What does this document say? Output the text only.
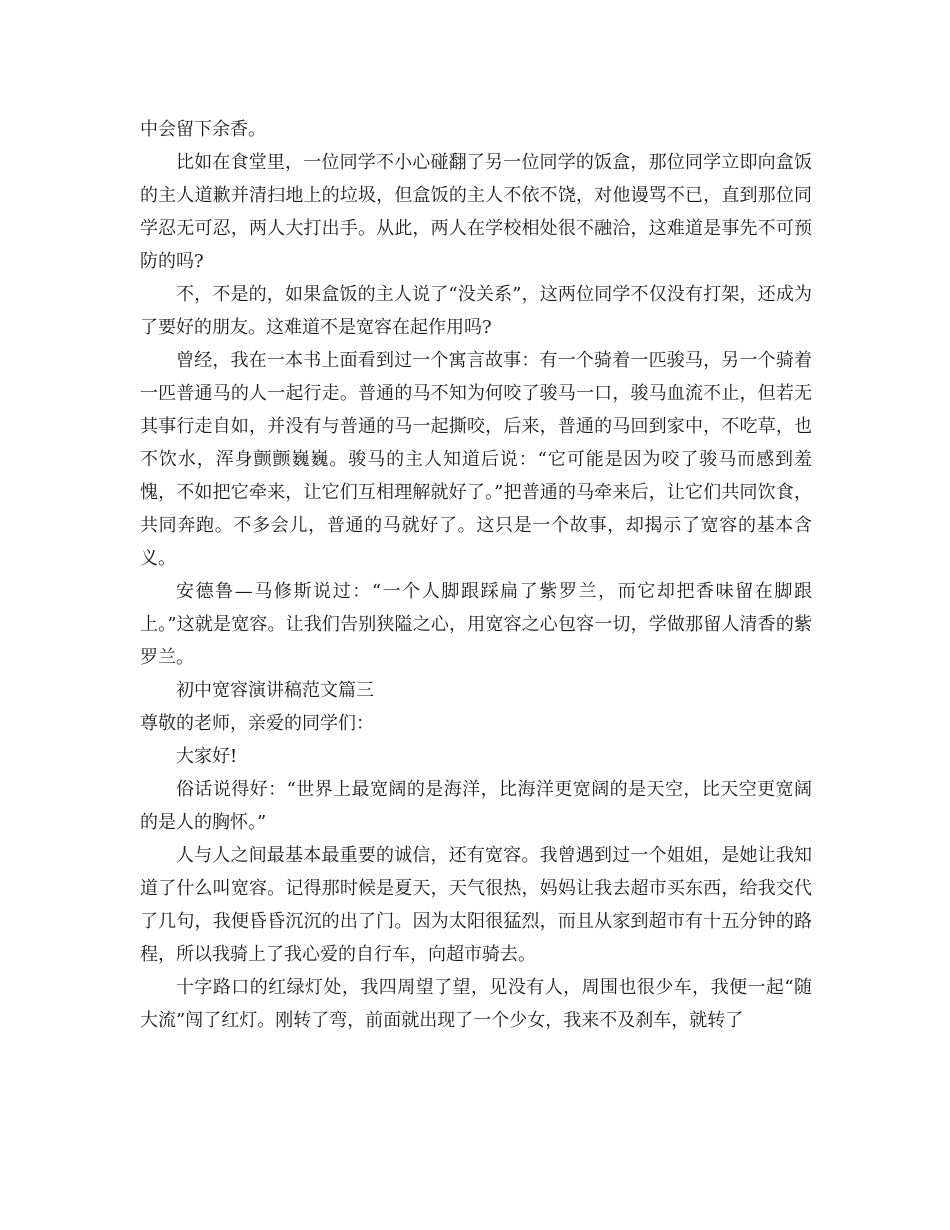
中会留下余香。

比如在食堂里，一位同学不小心碰翻了另一位同学的饭盒，那位同学立即向盒饭的主人道歉并清扫地上的垃圾，但盒饭的主人不依不饶，对他谩骂不已，直到那位同学忍无可忍，两人大打出手。从此，两人在学校相处很不融洽，这难道是事先不可预防的吗?

不，不是的，如果盒饭的主人说了“没关系”，这两位同学不仅没有打架，还成为了要好的朋友。这难道不是宽容在起作用吗?

曾经，我在一本书上面看到过一个寓言故事：有一个骑着一匹骏马，另一个骑着一匹普通马的人一起行走。普通的马不知为何咬了骏马一口，骏马血流不止，但若无其事行走自如，并没有与普通的马一起撕咬，后来，普通的马回到家中，不吃草，也不饮水，浑身颤颤巍巍。骏马的主人知道后说：“它可能是因为咬了骏马而感到羞愧，不如把它牵来，让它们互相理解就好了。”把普通的马牵来后，让它们共同饮食，共同奔跑。不多会儿，普通的马就好了。这只是一个故事，却揭示了宽容的基本含义。

安德鲁—马修斯说过：“一个人脚跟踩扁了紫罗兰，而它却把香味留在脚跟上。”这就是宽容。让我们告别狭隘之心，用宽容之心包容一切，学做那留人清香的紫罗兰。

初中宽容演讲稿范文篇三

尊敬的老师，亲爱的同学们：

大家好!

俗话说得好：“世界上最宽阔的是海洋，比海洋更宽阔的是天空，比天空更宽阔的是人的胸怀。”

人与人之间最基本最重要的诚信，还有宽容。我曾遇到过一个姐姐，是她让我知道了什么叫宽容。记得那时候是夏天，天气很热，妈妈让我去超市买东西，给我交代了几句，我便昏昏沉沉的出了门。因为太阳很猛烈，而且从家到超市有十五分钟的路程，所以我骑上了我心爱的自行车，向超市骑去。

十字路口的红绿灯处，我四周望了望，见没有人，周围也很少车，我便一起“随大流”闯了红灯。刚转了弯，前面就出现了一个少女，我来不及刹车，就转了
